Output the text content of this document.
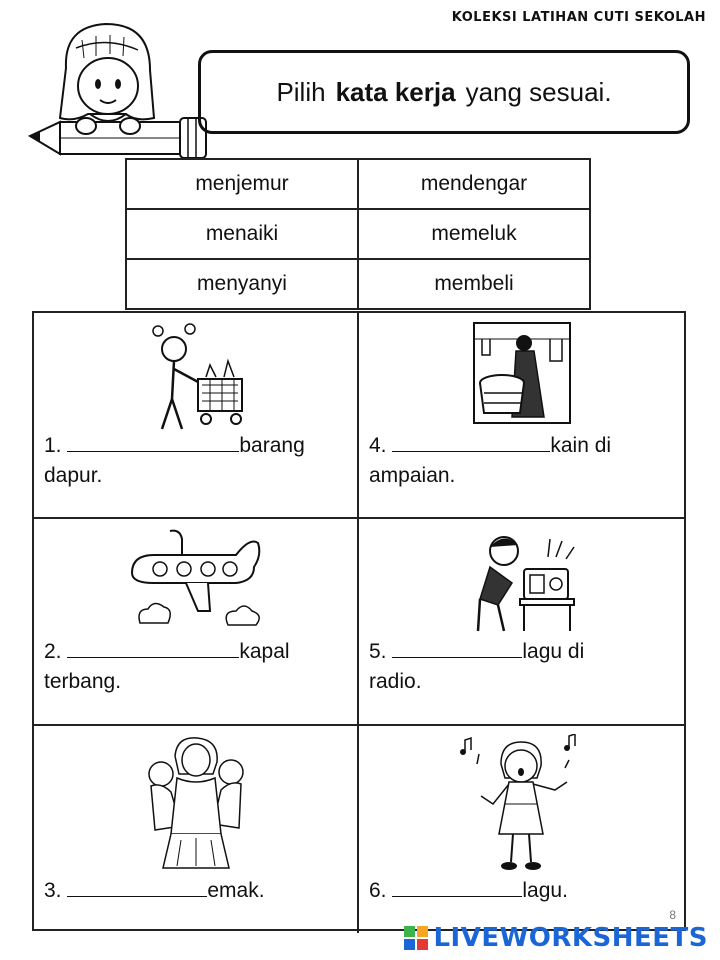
KOLEKSI LATIHAN CUTI SEKOLAH
Pilih kata kerja yang sesuai.
menjemur	mendengar
menaiki	memeluk
menyanyi	membeli
1.	barang
dapur.
4.	kain di
ampaian.
2.	kapal
terbang.
5.	lagu di
radio.
3.	emak.	6.	lagu.
8
LIVEWORKSHEETS
